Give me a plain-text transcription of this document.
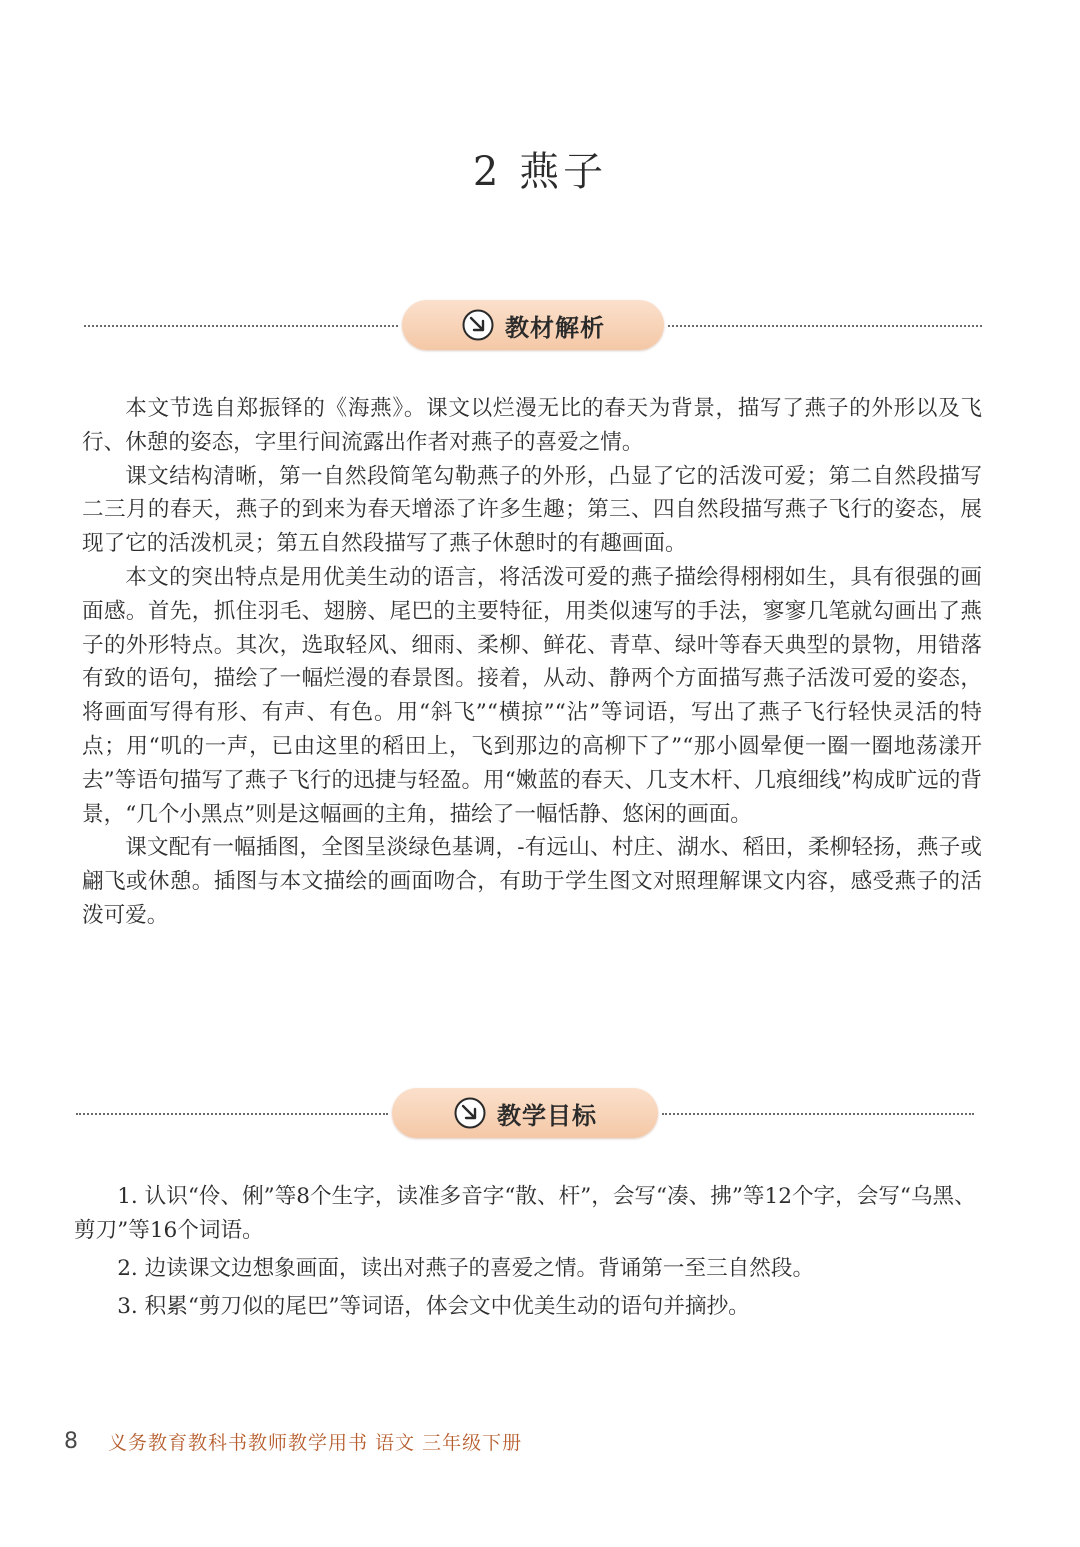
2 燕子
教材解析

本文节选自郑振铎的《海燕》。课文以烂漫无比的春天为背景，描写了燕子的外形以及飞行、休憩的姿态，字里行间流露出作者对燕子的喜爱之情。

课文结构清晰，第一自然段简笔勾勒燕子的外形，凸显了它的活泼可爱；第二自然段描写二三月的春天，燕子的到来为春天增添了许多生趣；第三、四自然段描写燕子飞行的姿态，展现了它的活泼机灵；第五自然段描写了燕子休憩时的有趣画面。

本文的突出特点是用优美生动的语言，将活泼可爱的燕子描绘得栩栩如生，具有很强的画面感。首先，抓住羽毛、翅膀、尾巴的主要特征，用类似速写的手法，寥寥几笔就勾画出了燕子的外形特点。其次，选取轻风、细雨、柔柳、鲜花、青草、绿叶等春天典型的景物，用错落有致的语句，描绘了一幅烂漫的春景图。接着，从动、静两个方面描写燕子活泼可爱的姿态，将画面写得有形、有声、有色。用“斜飞”“横掠”“沾”等词语，写出了燕子飞行轻快灵活的特点；用“叽的一声，已由这里的稻田上，飞到那边的高柳下了”“那小圆晕便一圈一圈地荡漾开去”等语句描写了燕子飞行的迅捷与轻盈。用“嫩蓝的春天、几支木杆、几痕细线”构成旷远的背景，“几个小黑点”则是这幅画的主角，描绘了一幅恬静、悠闲的画面。

课文配有一幅插图，全图呈淡绿色基调，-有远山、村庄、湖水、稻田，柔柳轻扬，燕子或翩飞或休憩。插图与本文描绘的画面吻合，有助于学生图文对照理解课文内容，感受燕子的活泼可爱。

教学目标

1. 认识“伶、俐”等8个生字，读准多音字“散、杆”，会写“凑、拂”等12个字，会写“乌黑、剪刀”等16个词语。

2. 边读课文边想象画面，读出对燕子的喜爱之情。背诵第一至三自然段。

3. 积累“剪刀似的尾巴”等词语，体会文中优美生动的语句并摘抄。

8 义务教育教科书教师教学用书 语文 三年级下册
